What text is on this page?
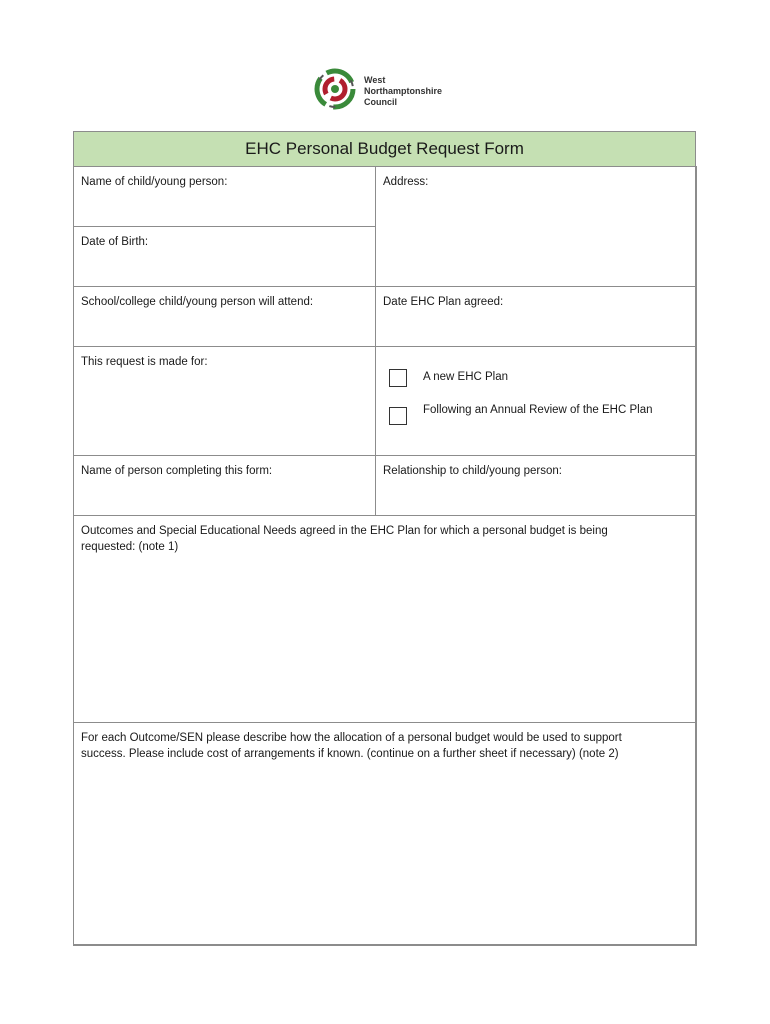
West
Northamptonshire
Council
EHC Personal Budget Request Form
Name of child/young person:	Address:
Date of Birth:
School/college child/young person will attend:	Date EHC Plan agreed:
This request is made for:
A new EHC Plan
Following an Annual Review of the EHC Plan
Name of person completing this form:	Relationship to child/young person:
Outcomes and Special Educational Needs agreed in the EHC Plan for which a personal budget is being requested: (note 1)
For each Outcome/SEN please describe how the allocation of a personal budget would be used to support success. Please include cost of arrangements if known. (continue on a further sheet if necessary) (note 2)
